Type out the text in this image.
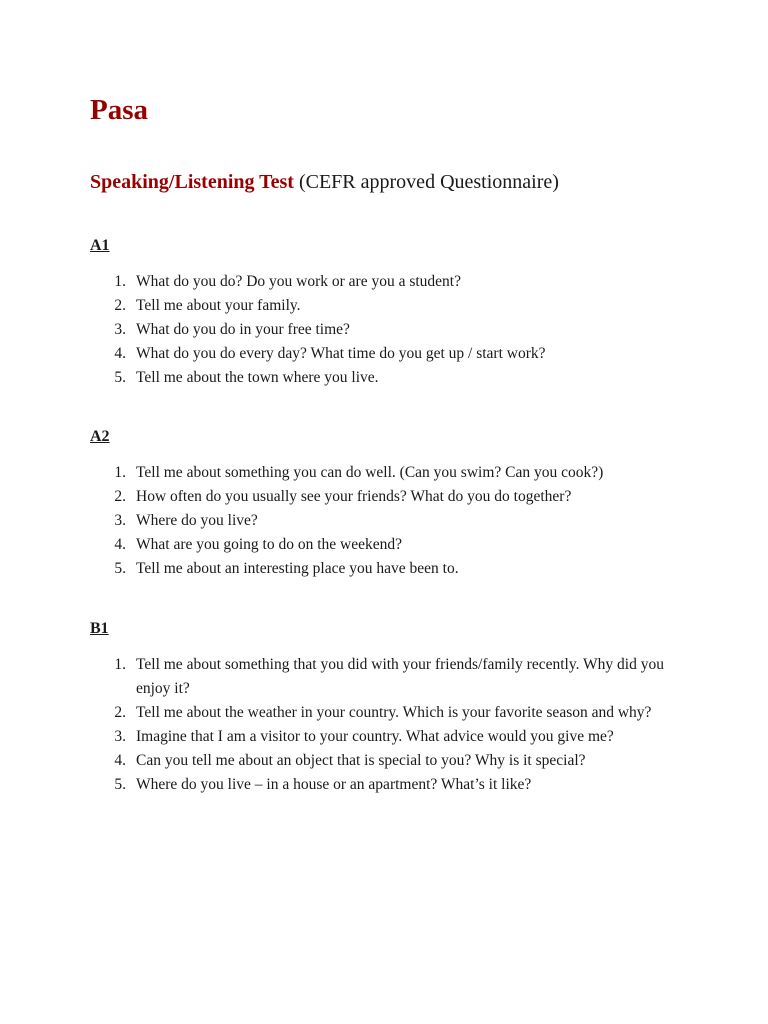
Pasa

Speaking/Listening Test (CEFR approved Questionnaire)

A1
1. What do you do? Do you work or are you a student?
2. Tell me about your family.
3. What do you do in your free time?
4. What do you do every day? What time do you get up / start work?
5. Tell me about the town where you live.
A2
1. Tell me about something you can do well. (Can you swim? Can you cook?)
2. How often do you usually see your friends? What do you do together?
3. Where do you live?
4. What are you going to do on the weekend?
5. Tell me about an interesting place you have been to.
B1
1. Tell me about something that you did with your friends/family recently. Why did you enjoy it?
2. Tell me about the weather in your country. Which is your favorite season and why?
3. Imagine that I am a visitor to your country. What advice would you give me?
4. Can you tell me about an object that is special to you? Why is it special?
5. Where do you live – in a house or an apartment? What’s it like?
